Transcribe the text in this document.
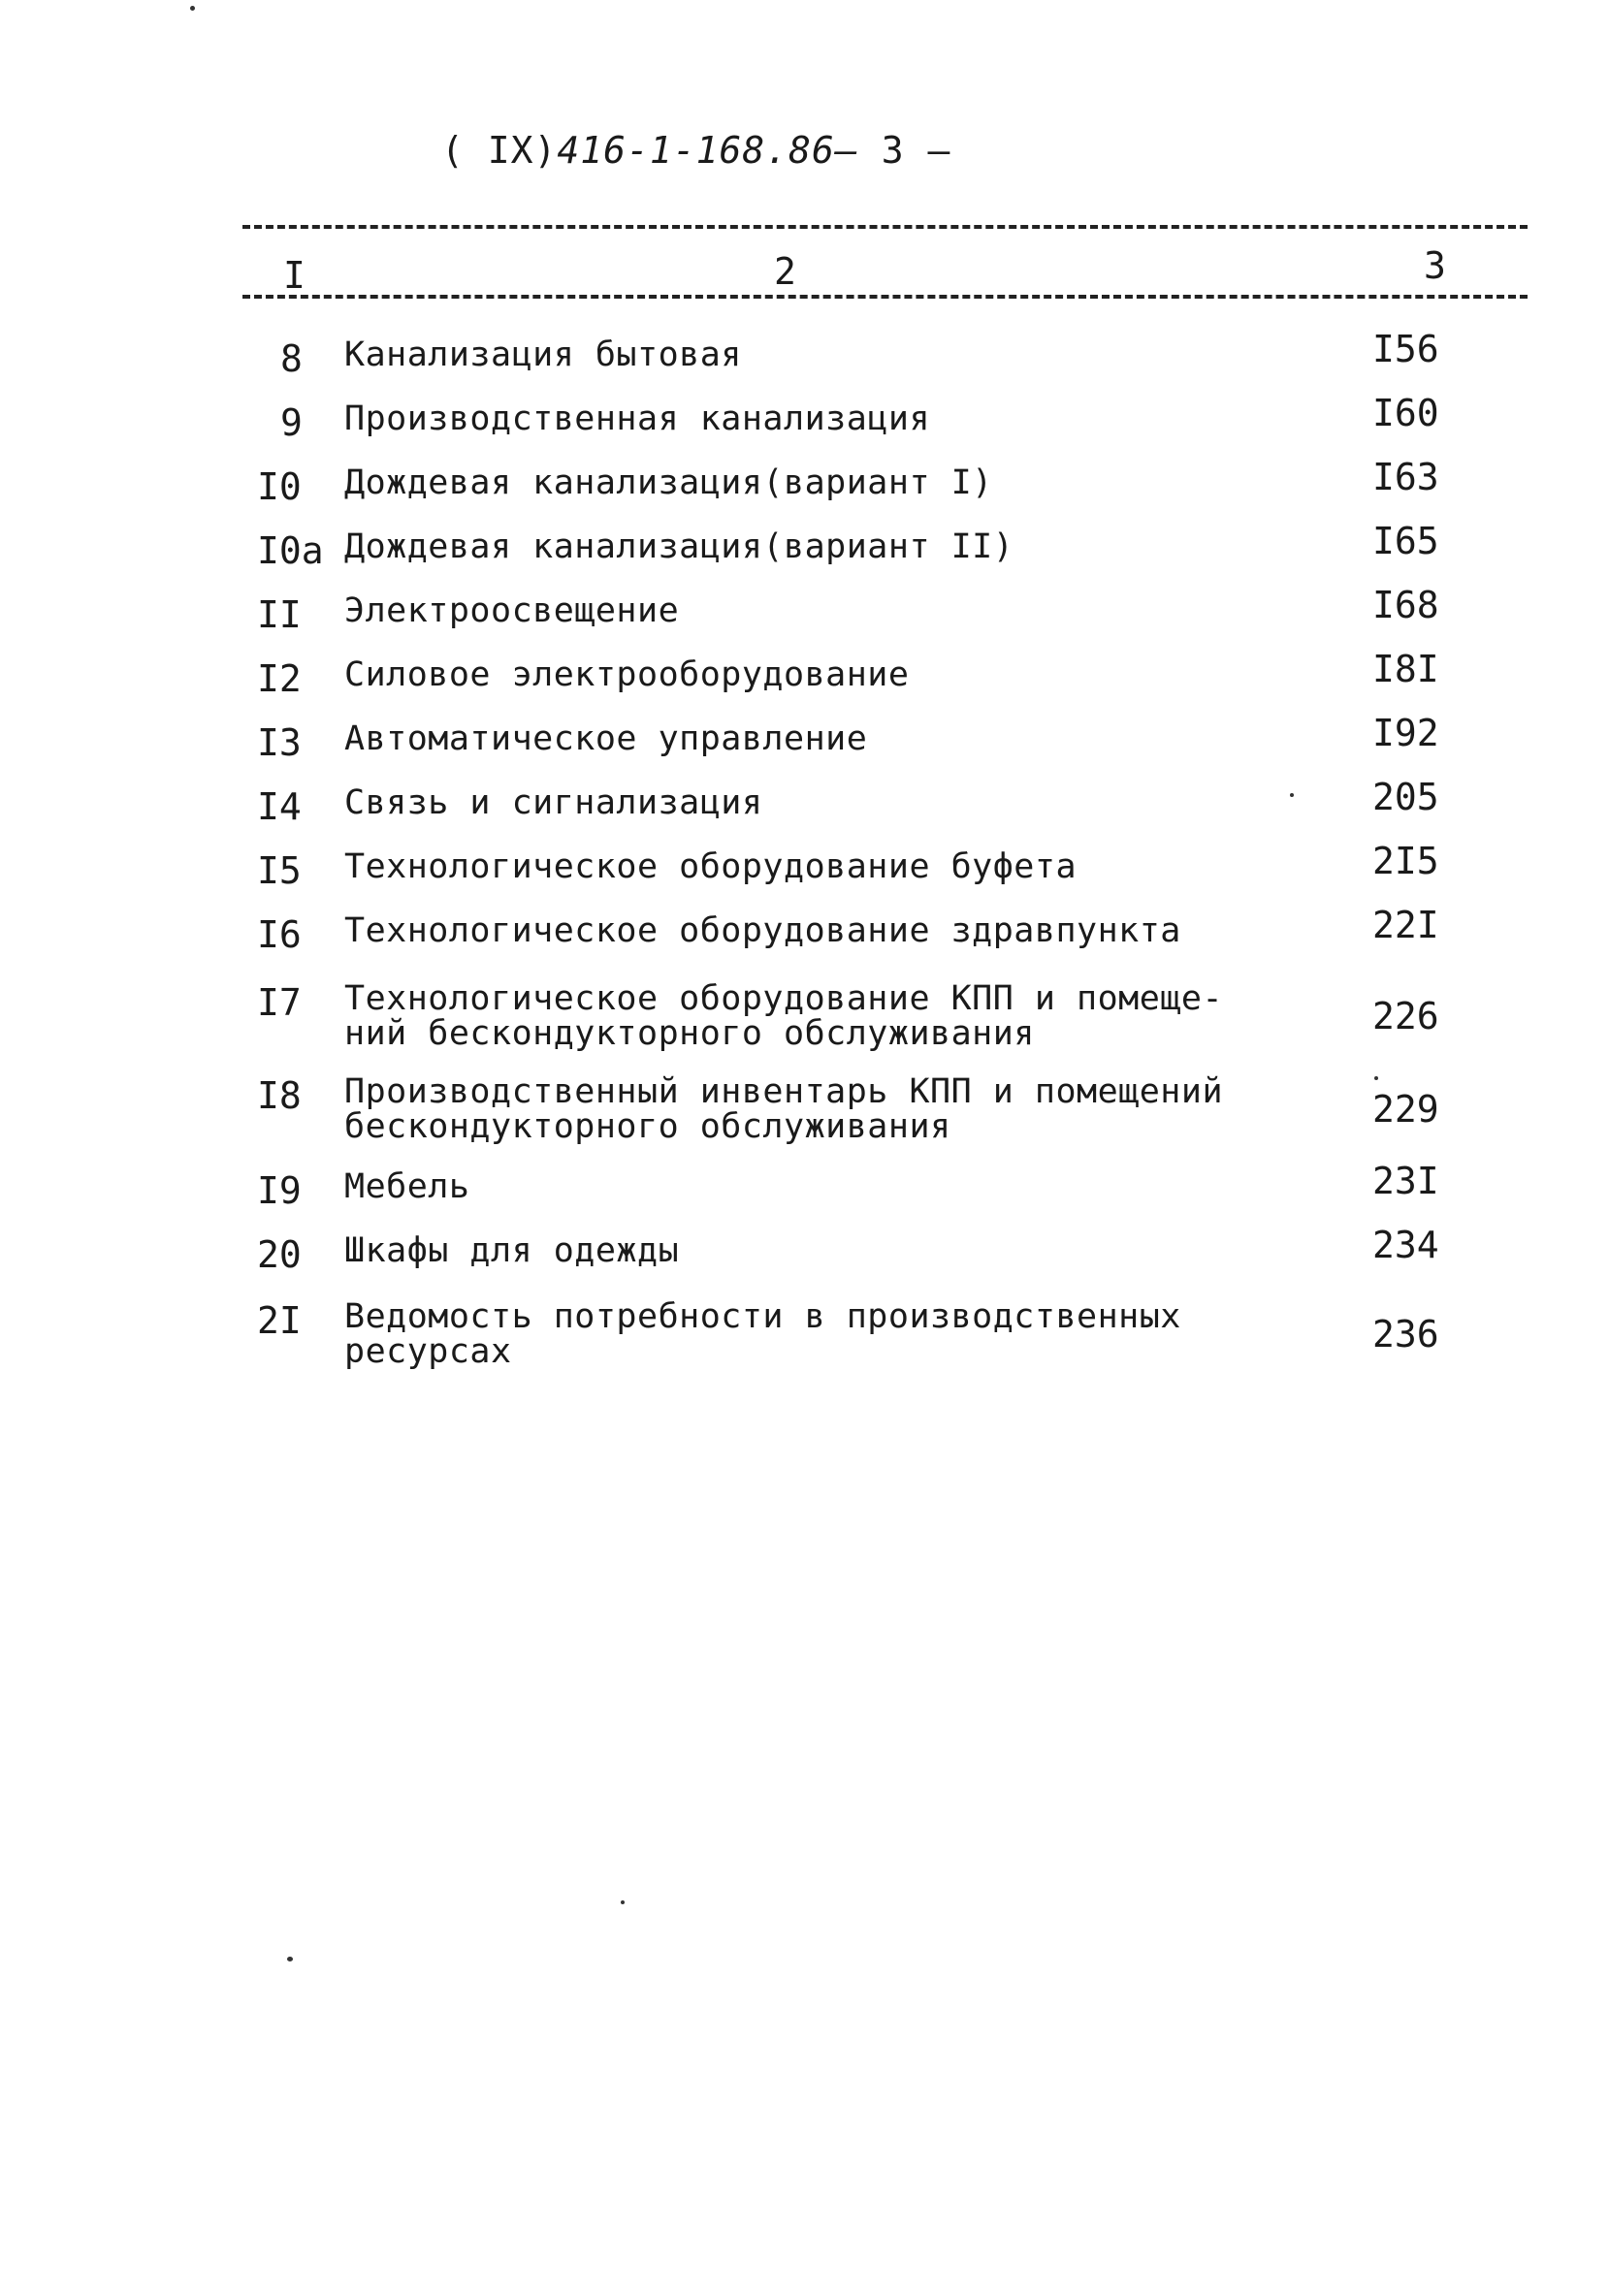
( IX)416-1-168.86– 3 –
I	2	3
8	Канализация бытовая	I56
9	Производственная канализация	I60
I0	Дождевая канализация(вариант I)	I63
I0а Дождевая канализация(вариант II)	I65
II	Электроосвещение	I68
I2	Силовое электрооборудование	I8I
I3	Автоматическое управление	I92
I4	Связь и сигнализация	205
I5	Технологическое оборудование буфета	2I5
I6	Технологическое оборудование здравпункта	22I
I7	Технологическое оборудование КПП и помеще- ний бескондукторного обслуживания	226
I8	Производственный инвентарь КПП и помещений бескондукторного обслуживания	229
I9	Мебель	23I
20	Шкафы для одежды	234
2I	Ведомость потребности в производственных ресурсах	236
